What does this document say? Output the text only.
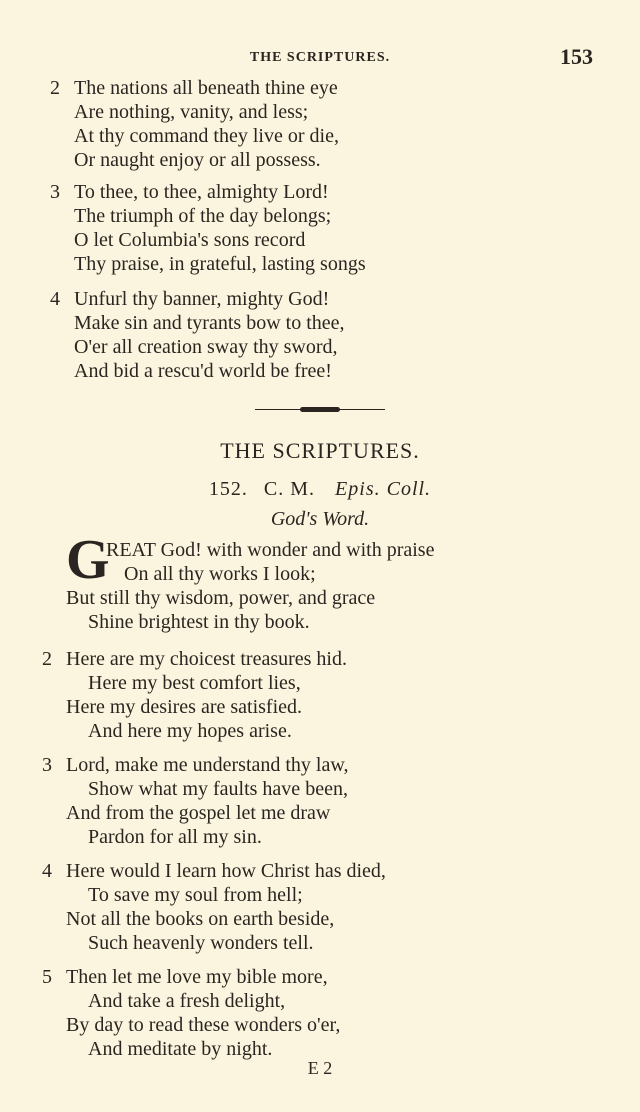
THE SCRIPTURES.	153
2 The nations all beneath thine eye
Are nothing, vanity, and less;
At thy command they live or die,
Or naught enjoy or all possess.
3 To thee, to thee, almighty Lord!
The triumph of the day belongs;
O let Columbia's sons record
Thy praise, in grateful, lasting songs
4 Unfurl thy banner, mighty God!
Make sin and tyrants bow to thee,
O'er all creation sway thy sword,
And bid a rescu'd world be free!
THE SCRIPTURES.
152. C. M. Epis. Coll.
God's Word.
G
REAT God! with wonder and with praise
On all thy works I look;
But still thy wisdom, power, and grace
Shine brightest in thy book.
2 Here are my choicest treasures hid.
Here my best comfort lies,
Here my desires are satisfied.
And here my hopes arise.
3 Lord, make me understand thy law,
Show what my faults have been,
And from the gospel let me draw
Pardon for all my sin.
4 Here would I learn how Christ has died,
To save my soul from hell;
Not all the books on earth beside,
Such heavenly wonders tell.
5 Then let me love my bible more,
And take a fresh delight,
By day to read these wonders o'er,
And meditate by night.
E 2
